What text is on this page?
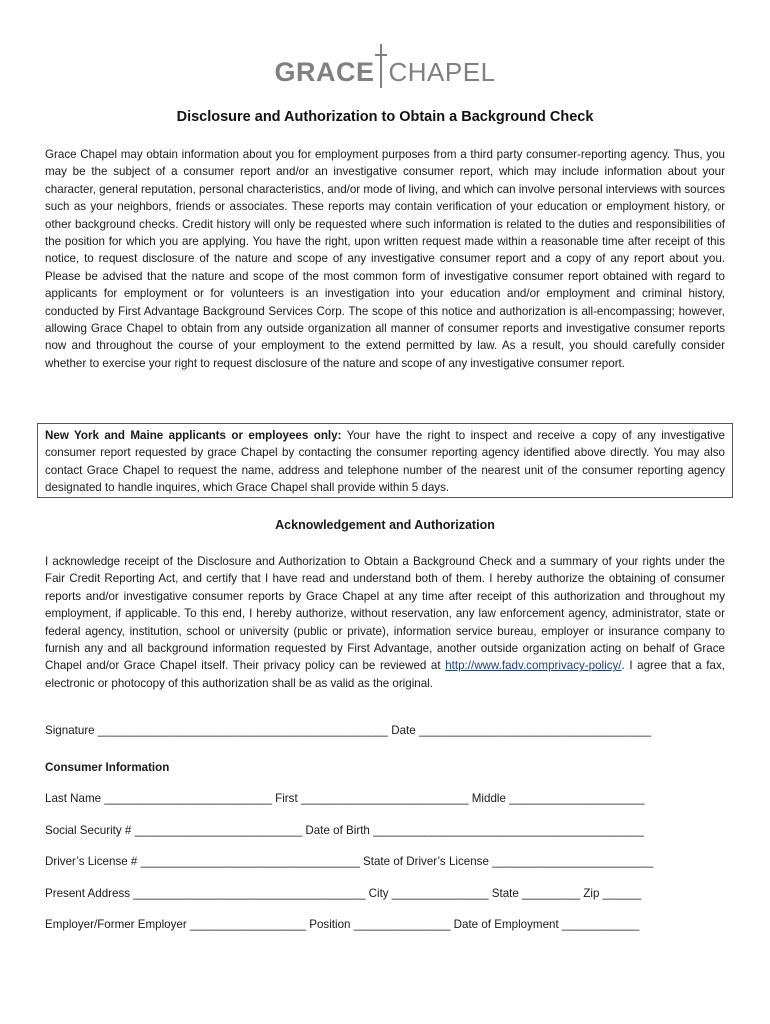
GRACE CHAPEL
Disclosure and Authorization to Obtain a Background Check
Grace Chapel may obtain information about you for employment purposes from a third party consumer-reporting agency. Thus, you may be the subject of a consumer report and/or an investigative consumer report, which may include information about your character, general reputation, personal characteristics, and/or mode of living, and which can involve personal interviews with sources such as your neighbors, friends or associates. These reports may contain verification of your education or employment history, or other background checks. Credit history will only be requested where such information is related to the duties and responsibilities of the position for which you are applying. You have the right, upon written request made within a reasonable time after receipt of this notice, to request disclosure of the nature and scope of any investigative consumer report and a copy of any report about you. Please be advised that the nature and scope of the most common form of investigative consumer report obtained with regard to applicants for employment or for volunteers is an investigation into your education and/or employment and criminal history, conducted by First Advantage Background Services Corp. The scope of this notice and authorization is all-encompassing; however, allowing Grace Chapel to obtain from any outside organization all manner of consumer reports and investigative consumer reports now and throughout the course of your employment to the extend permitted by law. As a result, you should carefully consider whether to exercise your right to request disclosure of the nature and scope of any investigative consumer report.
New York and Maine applicants or employees only: Your have the right to inspect and receive a copy of any investigative consumer report requested by grace Chapel by contacting the consumer reporting agency identified above directly. You may also contact Grace Chapel to request the name, address and telephone number of the nearest unit of the consumer reporting agency designated to handle inquires, which Grace Chapel shall provide within 5 days.
Acknowledgement and Authorization
I acknowledge receipt of the Disclosure and Authorization to Obtain a Background Check and a summary of your rights under the Fair Credit Reporting Act, and certify that I have read and understand both of them. I hereby authorize the obtaining of consumer reports and/or investigative consumer reports by Grace Chapel at any time after receipt of this authorization and throughout my employment, if applicable. To this end, I hereby authorize, without reservation, any law enforcement agency, administrator, state or federal agency, institution, school or university (public or private), information service bureau, employer or insurance company to furnish any and all background information requested by First Advantage, another outside organization acting on behalf of Grace Chapel and/or Grace Chapel itself. Their privacy policy can be reviewed at http://www.fadv.comprivacy-policy/. I agree that a fax, electronic or photocopy of this authorization shall be as valid as the original.
Signature _____________________________________________ Date ____________________________________
Consumer Information
Last Name __________________________ First __________________________ Middle _____________________
Social Security # __________________________ Date of Birth __________________________________________
Driver’s License # __________________________________ State of Driver’s License _________________________
Present Address ____________________________________ City _______________ State _________ Zip ______
Employer/Former Employer __________________ Position _______________ Date of Employment ____________
